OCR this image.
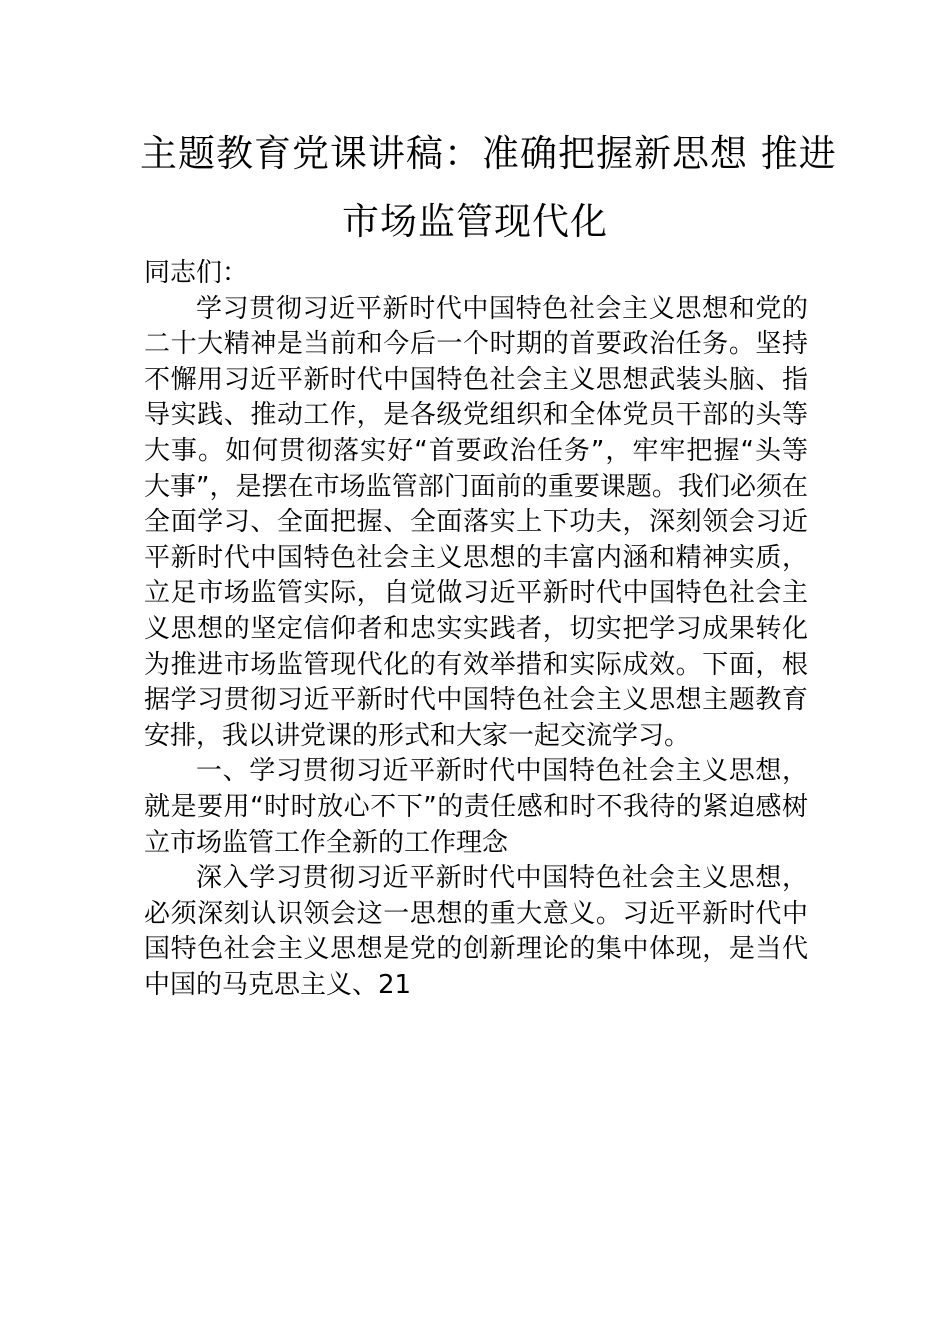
主题教育党课讲稿：准确把握新思想 推进
市场监管现代化

同志们：

学习贯彻习近平新时代中国特色社会主义思想和党的二十大精神是当前和今后一个时期的首要政治任务。坚持不懈用习近平新时代中国特色社会主义思想武装头脑、指导实践、推动工作，是各级党组织和全体党员干部的头等大事。如何贯彻落实好“首要政治任务”，牢牢把握“头等大事”，是摆在市场监管部门面前的重要课题。我们必须在全面学习、全面把握、全面落实上下功夫，深刻领会习近平新时代中国特色社会主义思想的丰富内涵和精神实质，立足市场监管实际，自觉做习近平新时代中国特色社会主义思想的坚定信仰者和忠实实践者，切实把学习成果转化为推进市场监管现代化的有效举措和实际成效。下面，根据学习贯彻习近平新时代中国特色社会主义思想主题教育安排，我以讲党课的形式和大家一起交流学习。

一、学习贯彻习近平新时代中国特色社会主义思想，就是要用“时时放心不下”的责任感和时不我待的紧迫感树立市场监管工作全新的工作理念

深入学习贯彻习近平新时代中国特色社会主义思想，必须深刻认识领会这一思想的重大意义。习近平新时代中国特色社会主义思想是党的创新理论的集中体现，是当代中国的马克思主义、21
